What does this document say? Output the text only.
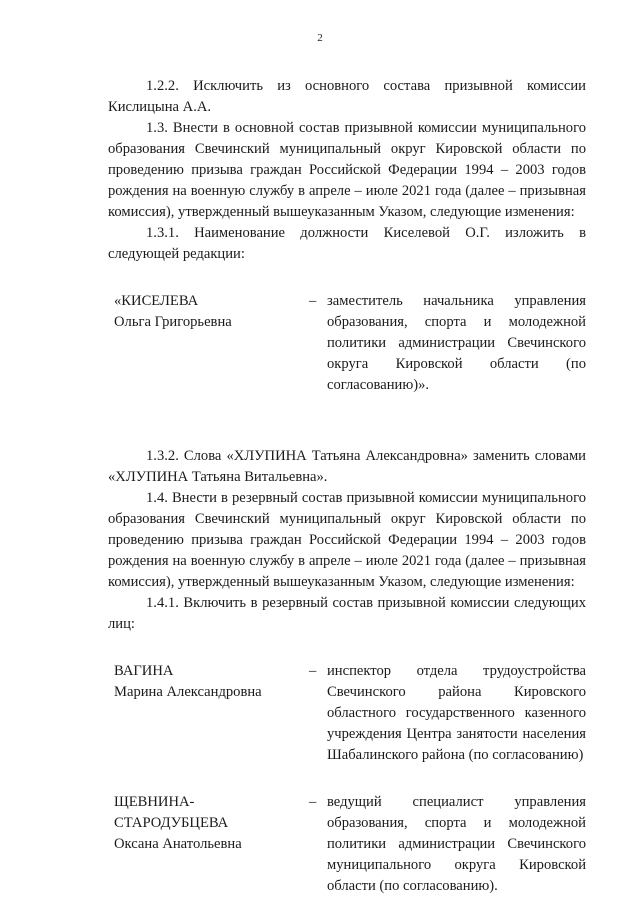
2

1.2.2. Исключить из основного состава призывной комиссии Кислицына А.А.

1.3. Внести в основной состав призывной комиссии муниципального образования Свечинский муниципальный округ Кировской области по проведению призыва граждан Российской Федерации 1994 – 2003 годов рождения на военную службу в апреле – июле 2021 года (далее – призывная комиссия), утвержденный вышеуказанным Указом, следующие изменения:

1.3.1. Наименование должности Киселевой О.Г. изложить в следующей редакции:

«КИСЕЛЕВА
Ольга Григорьевна
– заместитель начальника управления образования, спорта и молодежной политики администрации Свечинского округа Кировской области (по согласованию)».

1.3.2. Слова «ХЛУПИНА Татьяна Александровна» заменить словами «ХЛУПИНА Татьяна Витальевна».

1.4. Внести в резервный состав призывной комиссии муниципального образования Свечинский муниципальный округ Кировской области по проведению призыва граждан Российской Федерации 1994 – 2003 годов рождения на военную службу в апреле – июле 2021 года (далее – призывная комиссия), утвержденный вышеуказанным Указом, следующие изменения:

1.4.1. Включить в резервный состав призывной комиссии следующих лиц:

ВАГИНА
Марина Александровна
– инспектор отдела трудоустройства Свечинского района Кировского областного государственного казенного учреждения Центра занятости населения Шабалинского района (по согласованию)
ЩЕВНИНА-
СТАРОДУБЦЕВА
Оксана Анатольевна
– ведущий специалист управления образования, спорта и молодежной политики администрации Свечинского муниципального округа Кировской области (по согласованию).
